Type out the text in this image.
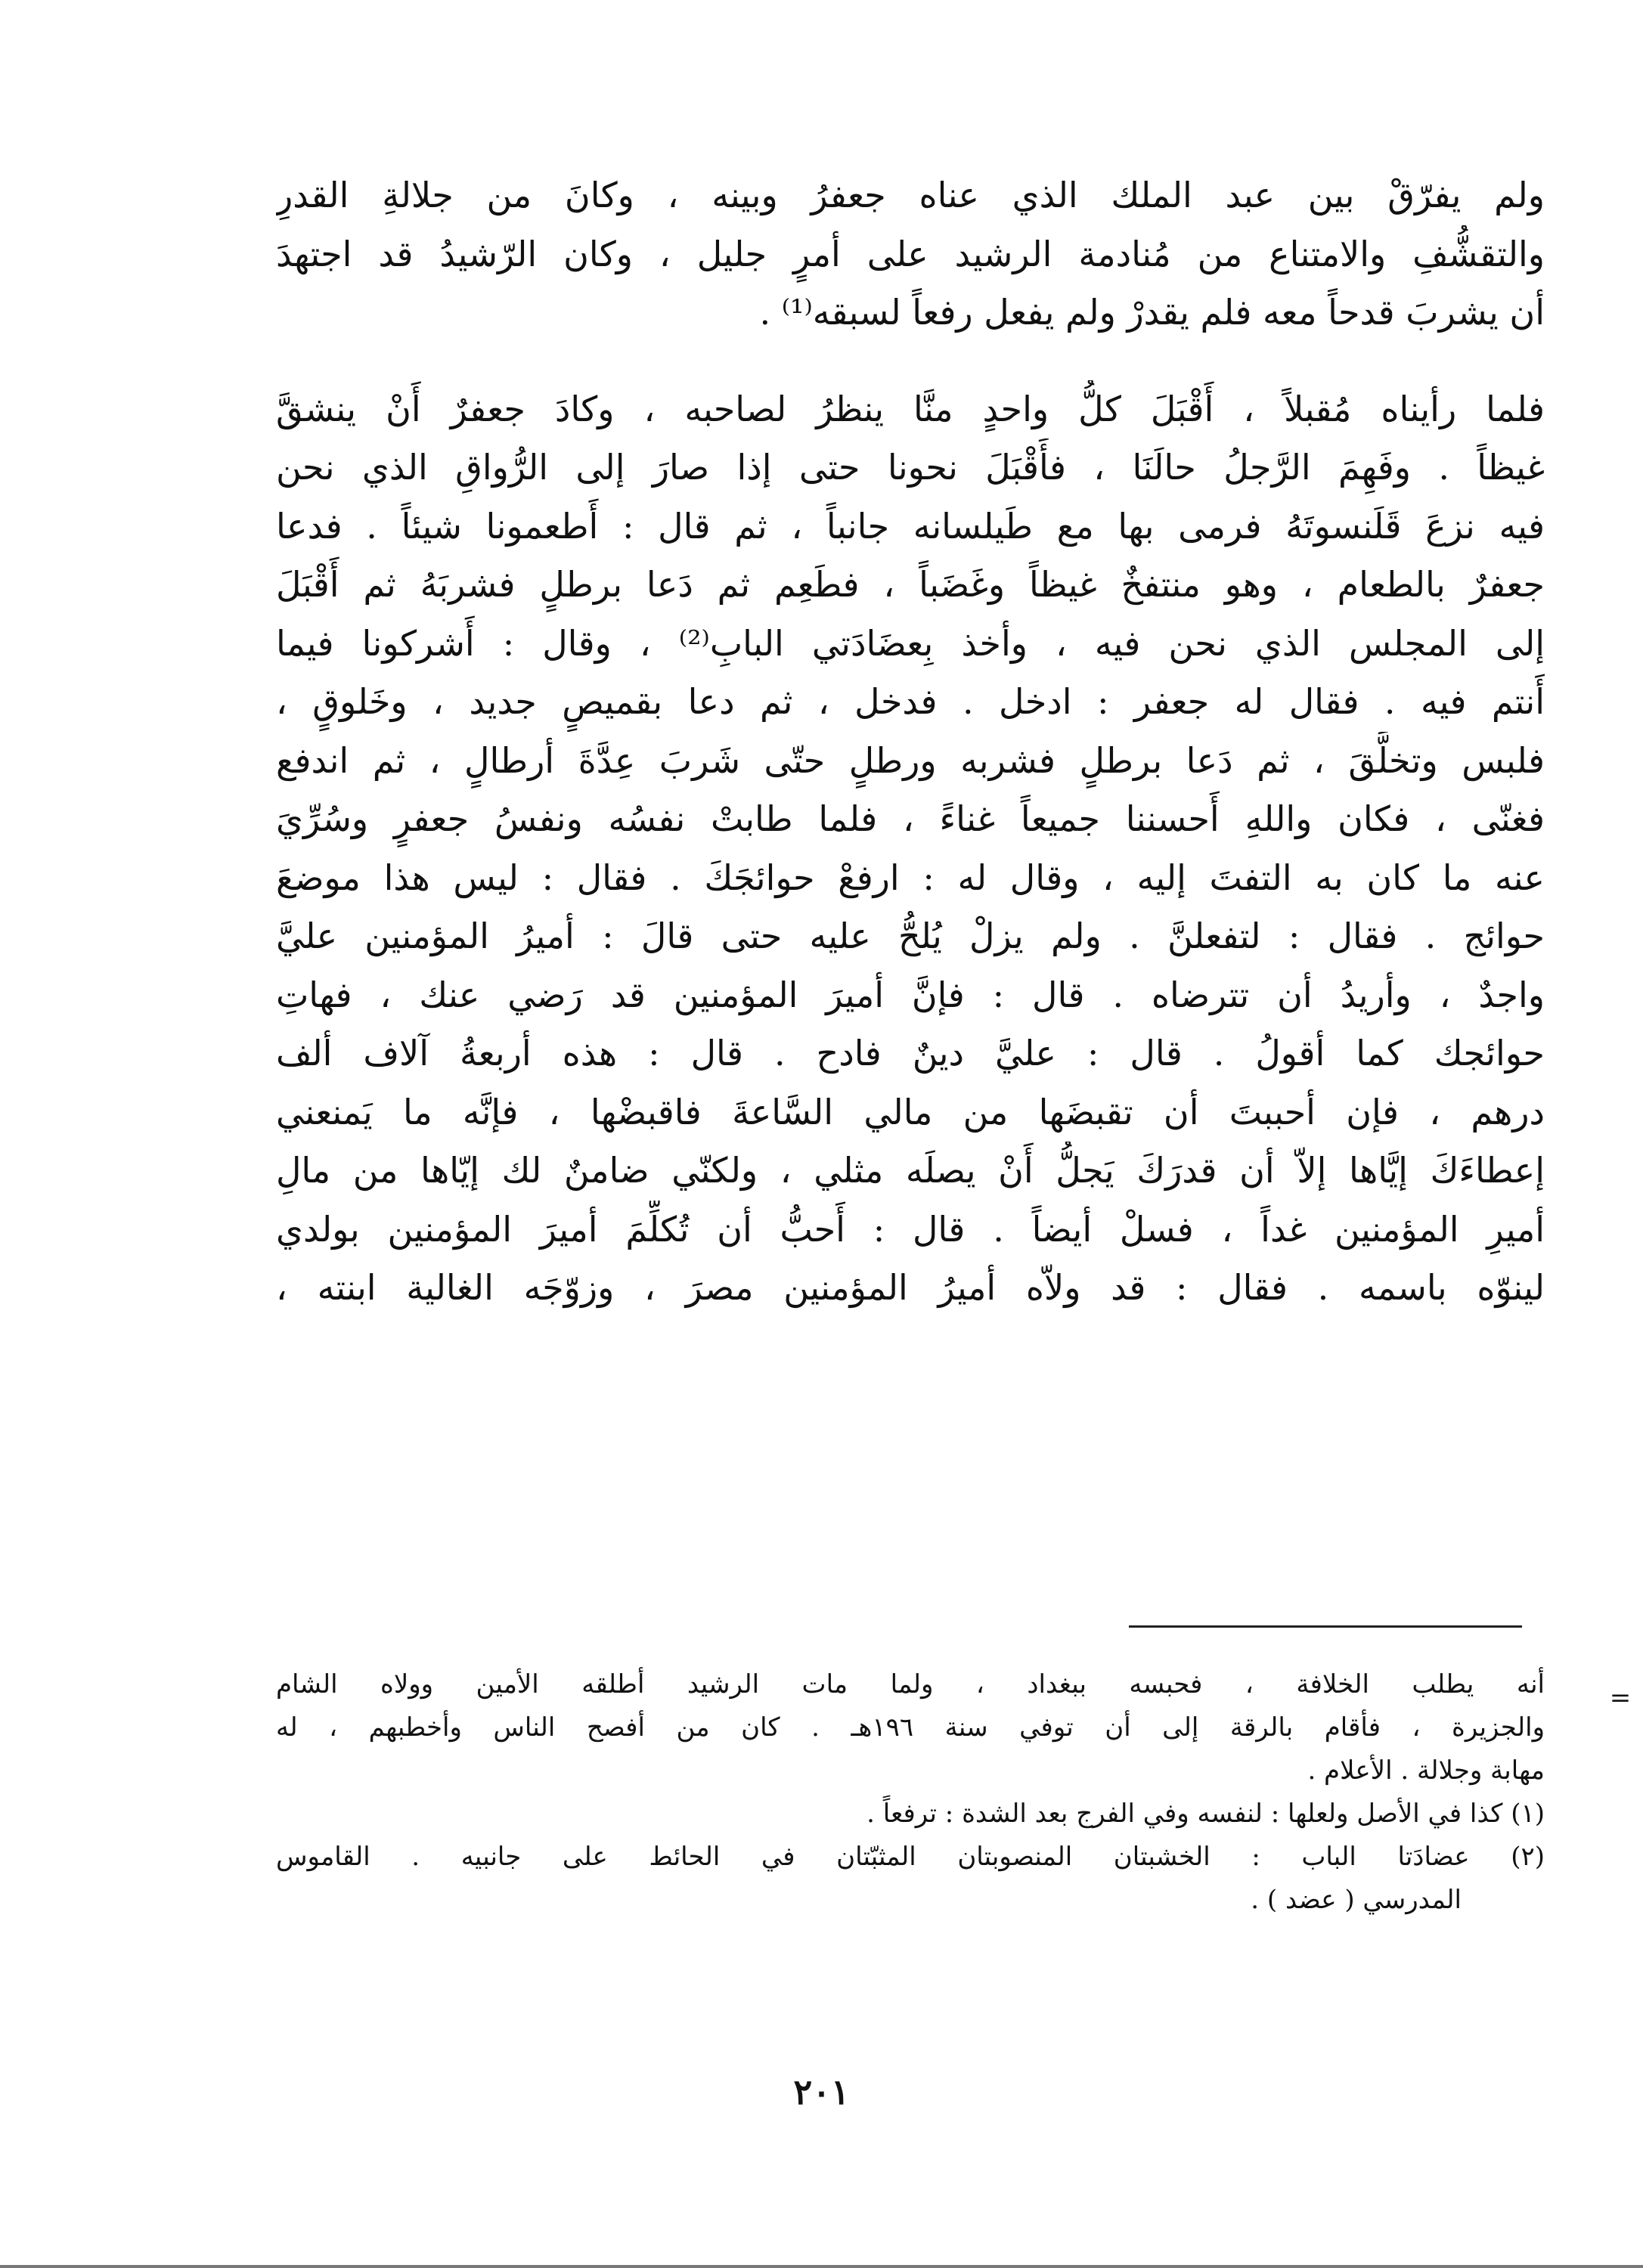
ولم يفرّقْ بين عبد الملك الذي عناه جعفرُ وبينه ، وكانَ من جلالةِ القدرِ
والتقشُّفِ والامتناع من مُنادمة الرشيد على أمرٍ جليل ، وكان الرّشيدُ قد اجتهدَ
أن يشربَ قدحاً معه فلم يقدرْ ولم يفعل رفعاً لسبقه⁽¹⁾ .
فلما رأيناه مُقبلاً ، أَقْبَلَ كلُّ واحدٍ منَّا ينظرُ لصاحبه ، وكادَ جعفرٌ أَنْ ينشقَّ
غيظاً . وفَهِمَ الرَّجلُ حالَنَا ، فأَقْبَلَ نحونا حتى إذا صارَ إلى الرُّواقِ الذي نحن
فيه نزعَ قَلَنسوتَهُ فرمى بها مع طَيلسانه جانباً ، ثم قال : أَطعمونا شيئاً . فدعا
جعفرٌ بالطعام ، وهو منتفخٌ غيظاً وغَضَباً ، فطَعِم ثم دَعا برطلٍ فشربَهُ ثم أَقْبَلَ
إلى المجلس الذي نحن فيه ، وأخذ بِعضَادَتي البابِ⁽²⁾ ، وقال : أَشركونا فيما
أَنتم فيه . فقال له جعفر : ادخل . فدخل ، ثم دعا بقميصٍ جديد ، وخَلوقٍ ،
فلبس وتخلَّقَ ، ثم دَعا برطلٍ فشربه ورطلٍ حتّى شَربَ عِدَّةَ أرطالٍ ، ثم اندفع
فغنّى ، فكان واللهِ أَحسننا جميعاً غناءً ، فلما طابتْ نفسُه ونفسُ جعفرٍ وسُرِّيَ
عنه ما كان به التفتَ إليه ، وقال له : ارفعْ حوائجَكَ . فقال : ليس هذا موضعَ
حوائج . فقال : لتفعلنَّ . ولم يزلْ يُلحُّ عليه حتى قالَ : أميرُ المؤمنين عليَّ
واجدٌ ، وأريدُ أن تترضاه . قال : فإنَّ أميرَ المؤمنين قد رَضي عنك ، فهاتِ
حوائجك كما أقولُ . قال : عليَّ دينٌ فادح . قال : هذه أربعةُ آلاف ألف
درهم ، فإن أحببتَ أن تقبضَها من مالي السَّاعةَ فاقبضْها ، فإنَّه ما يَمنعني
إعطاءَكَ إيَّاها إلاّ أن قدرَكَ يَجلُّ أَنْ يصلَه مثلي ، ولكنّي ضامنٌ لك إيّاها من مالِ
أميرِ المؤمنين غداً ، فسلْ أيضاً . قال : أَحبُّ أن تُكلِّمَ أميرَ المؤمنين بولدي
لينوّه باسمه . فقال : قد ولاّه أميرُ المؤمنين مصرَ ، وزوّجَه الغالية ابنته ،
=
أنه يطلب الخلافة ، فحبسه ببغداد ، ولما مات الرشيد أطلقه الأمين وولاه الشام
والجزيرة ، فأقام بالرقة إلى أن توفي سنة ١٩٦هـ . كان من أفصح الناس وأخطبهم ، له
مهابة وجلالة . الأعلام .
(١) كذا في الأصل ولعلها : لنفسه وفي الفرج بعد الشدة : ترفعاً .
(٢) عضادَتا الباب : الخشبتان المنصوبتان المثبّتان في الحائط على جانبيه . القاموس
المدرسي ( عضد ) .
٢٠١
